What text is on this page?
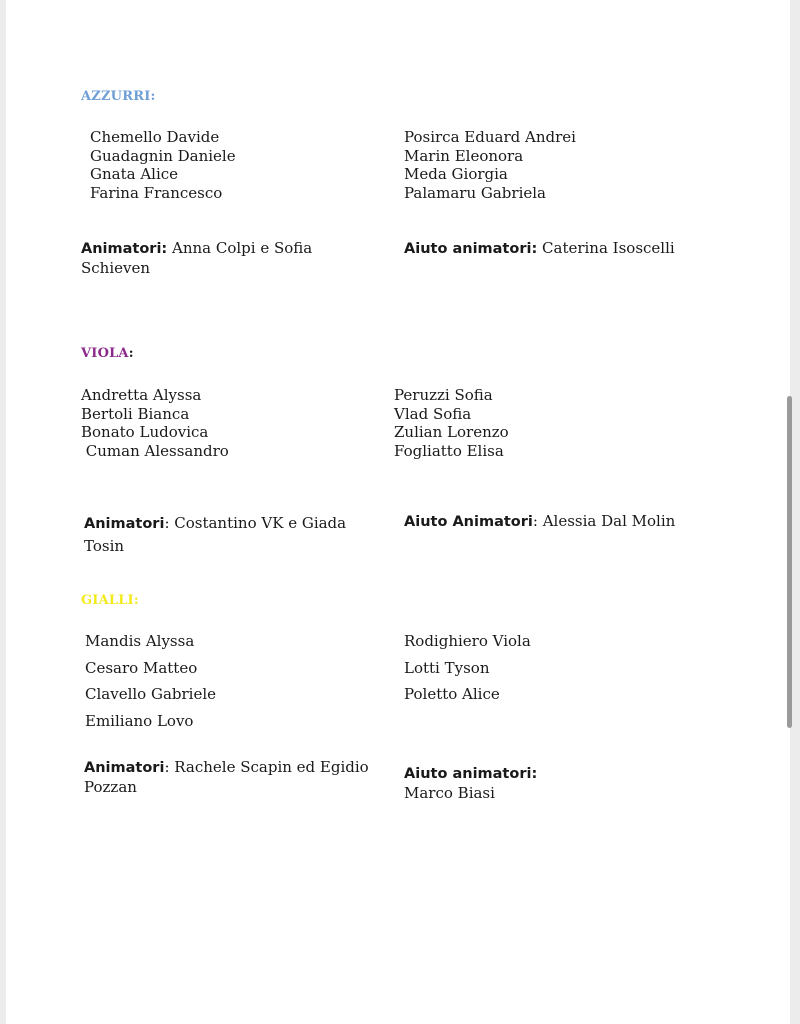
AZZURRI:
Chemello Davide
Guadagnin Daniele
Gnata Alice
Farina Francesco
Posirca Eduard Andrei
Marin Eleonora
Meda Giorgia
Palamaru Gabriela
Animatori: Anna Colpi e Sofia
Schieven
Aiuto animatori: Caterina Isoscelli
VIOLA:
Andretta Alyssa
Bertoli Bianca
Bonato Ludovica
Cuman Alessandro
Peruzzi Sofia
Vlad Sofia
Zulian Lorenzo
Fogliatto Elisa
Animatori: Costantino VK e Giada
Tosin
Aiuto Animatori: Alessia Dal Molin
GIALLI:
Mandis Alyssa
Cesaro Matteo
Clavello Gabriele
Emiliano Lovo
Rodighiero Viola
Lotti Tyson
Poletto Alice
Animatori: Rachele Scapin ed Egidio
Pozzan
Aiuto animatori:
Marco Biasi
